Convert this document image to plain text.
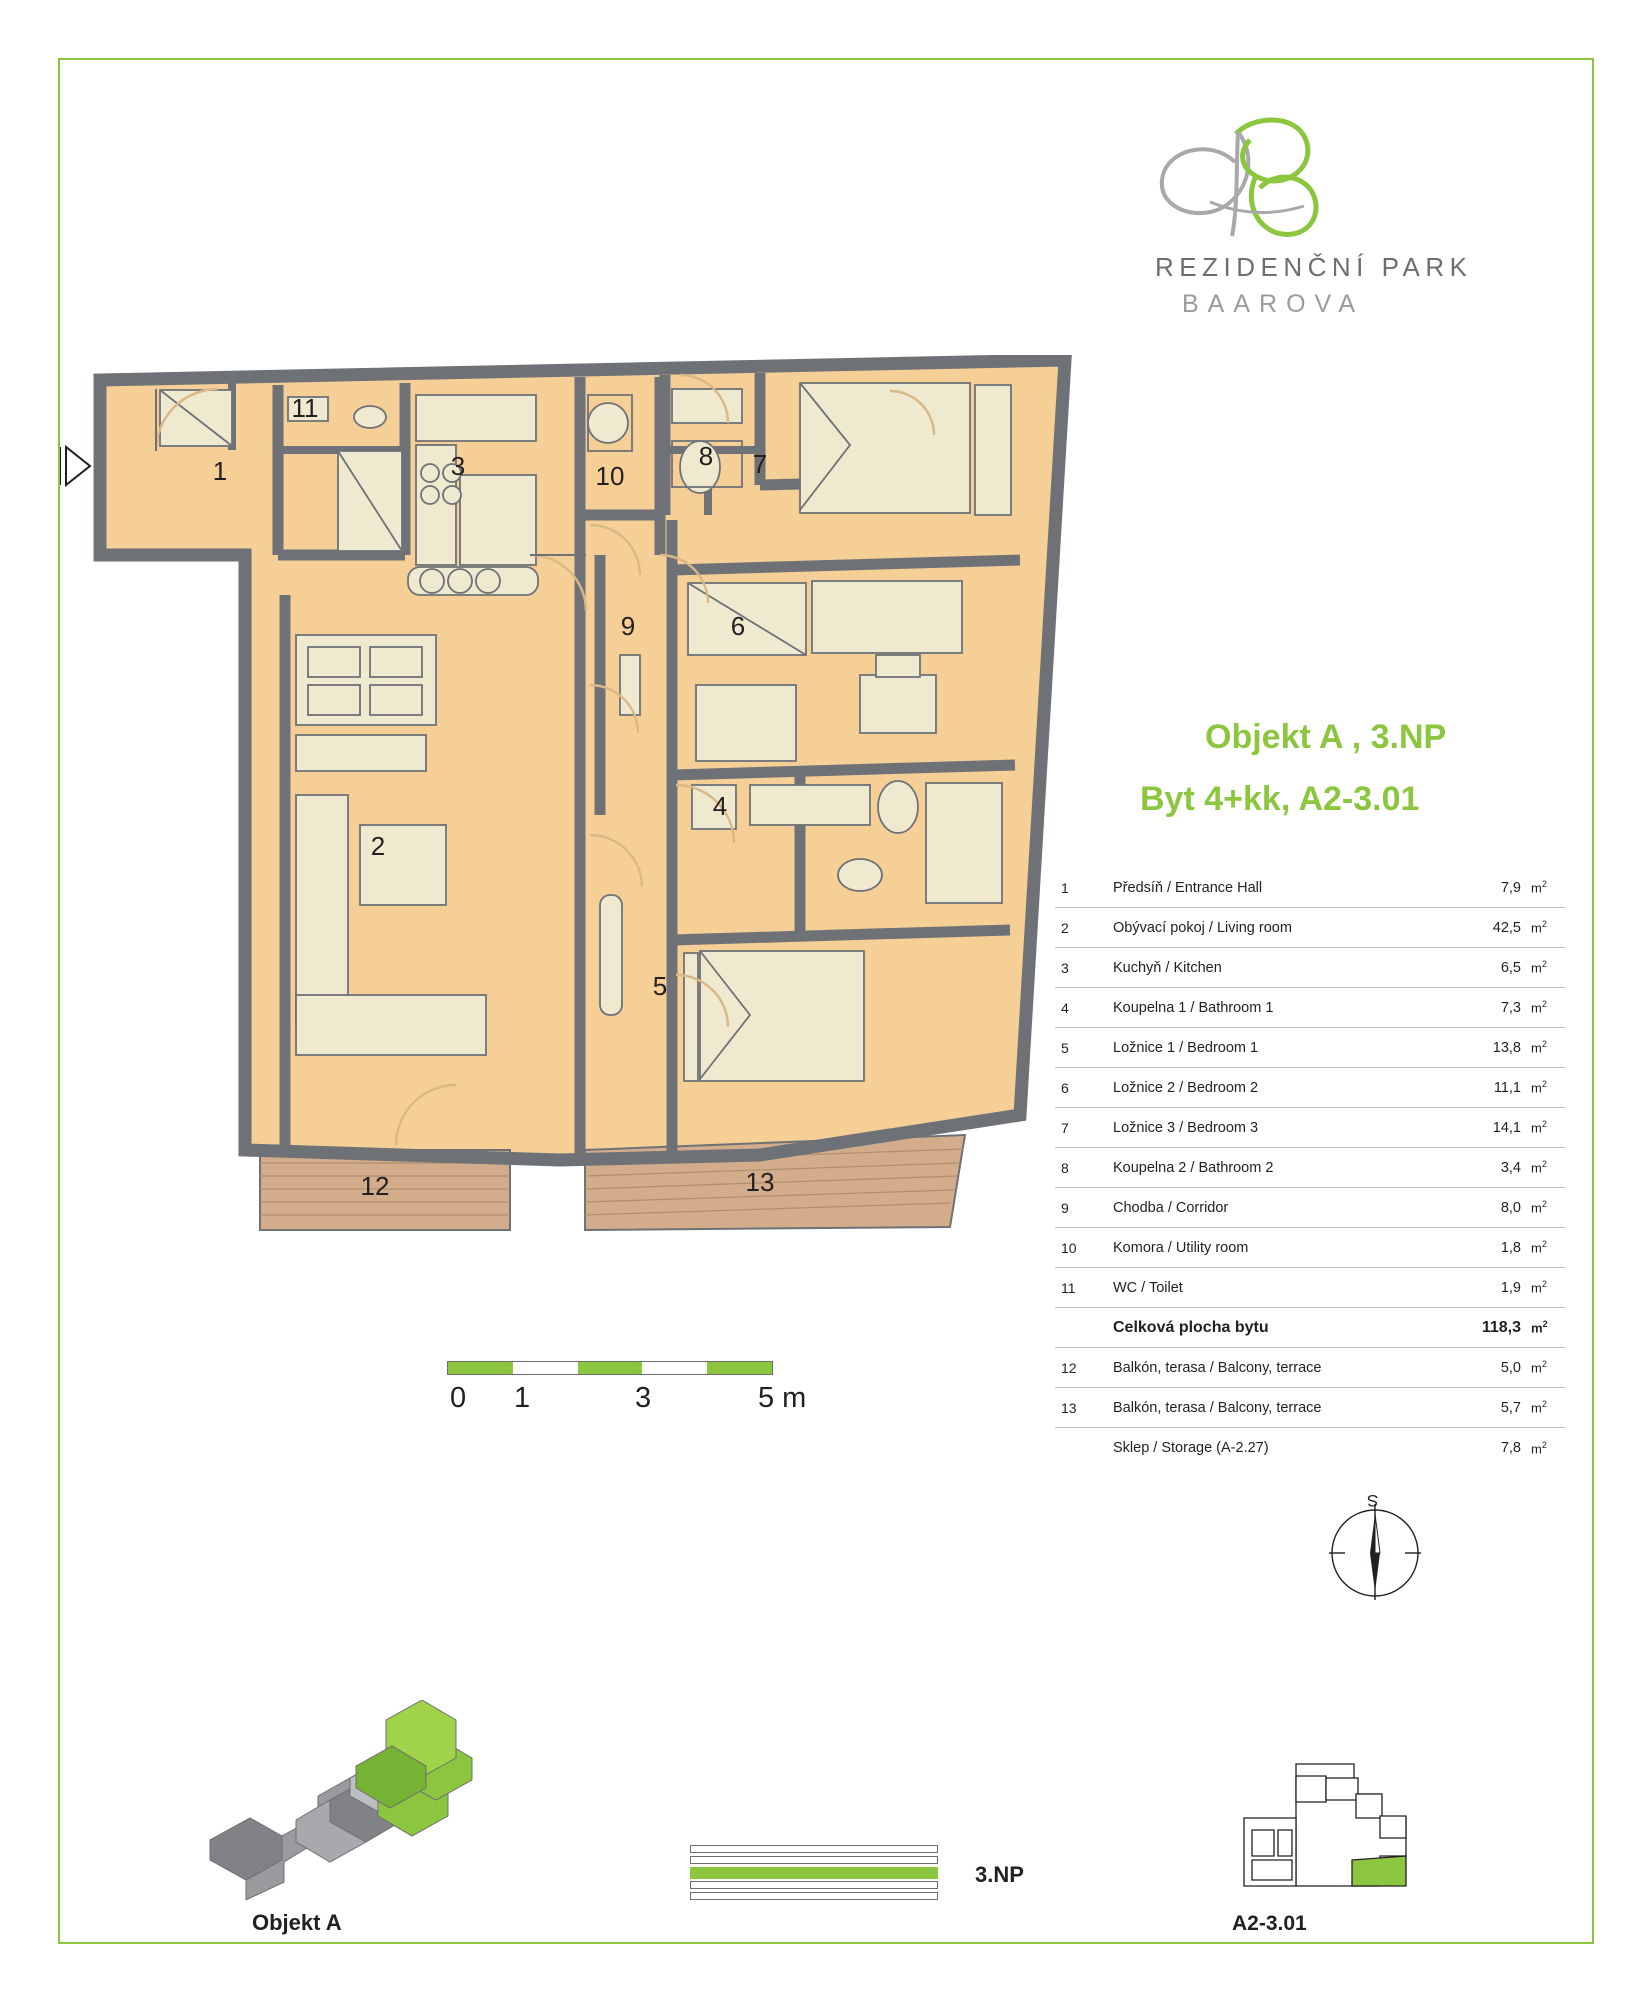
REZIDENČNÍ PARK
BAAROVA
Objekt A , 3.NP
Byt 4+kk, A2-3.01
1	Předsíň / Entrance Hall	7,9 $m^2$
2	Obývací pokoj / Living room	42,5 $m^2$
3	Kuchyň / Kitchen	6,5 $m^2$
4	Koupelna 1 / Bathroom 1	7,3 $m^2$
5	Ložnice 1 / Bedroom 1	13,8 $m^2$
6	Ložnice 2 / Bedroom 2	11,1 $m^2$
7	Ložnice 3 / Bedroom 3	14,1 $m^2$
8	Koupelna 2 / Bathroom 2	3,4 $m^2$
9	Chodba / Corridor	8,0 $m^2$
10	Komora / Utility room	1,8 $m^2$
11	WC / Toilet	1,9 $m^2$
Celková plocha bytu	118,3 $m^2$
12	Balkón, terasa / Balcony, terrace	5,0 $m^2$
13	Balkón, terasa / Balcony, terrace	5,7 $m^2$
Sklep / Storage (A-2.27)	7,8 $m^2$
0 1	3	5 m
S
Objekt A
3.NP
A2-3.01
1
2
3
4
5
6
7
8
9
10
11
12	13
